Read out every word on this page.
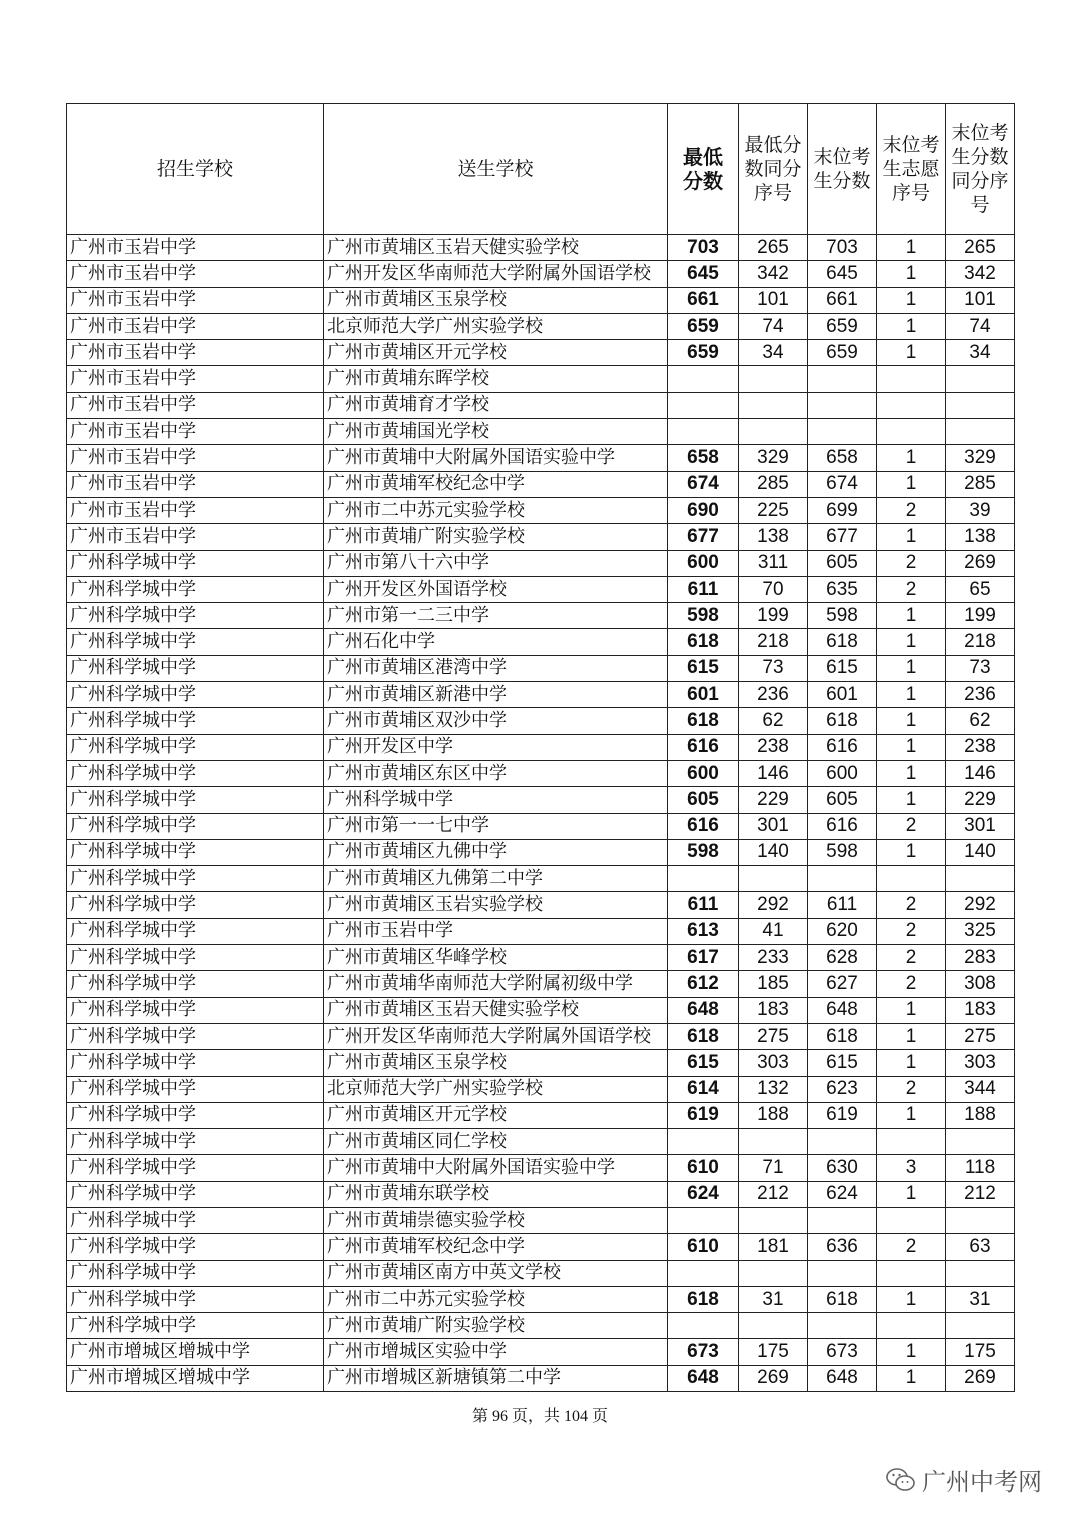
招生学校	送生学校	最低分数	最低分数同分序号	末位考生分数	末位考生志愿序号	末位考生分数同分序号

广州市玉岩中学	广州市黄埔区玉岩天健实验学校	703	265	703	1	265
广州市玉岩中学	广州开发区华南师范大学附属外国语学校	645	342	645	1	342
广州市玉岩中学	广州市黄埔区玉泉学校	661	101	661	1	101
广州市玉岩中学	北京师范大学广州实验学校	659	74	659	1	74
广州市玉岩中学	广州市黄埔区开元学校	659	34	659	1	34
广州市玉岩中学	广州市黄埔东晖学校					
广州市玉岩中学	广州市黄埔育才学校					
广州市玉岩中学	广州市黄埔国光学校					
广州市玉岩中学	广州市黄埔中大附属外国语实验中学	658	329	658	1	329
广州市玉岩中学	广州市黄埔军校纪念中学	674	285	674	1	285
广州市玉岩中学	广州市二中苏元实验学校	690	225	699	2	39
广州市玉岩中学	广州市黄埔广附实验学校	677	138	677	1	138
广州科学城中学	广州市第八十六中学	600	311	605	2	269
广州科学城中学	广州开发区外国语学校	611	70	635	2	65
广州科学城中学	广州市第一二三中学	598	199	598	1	199
广州科学城中学	广州石化中学	618	218	618	1	218
广州科学城中学	广州市黄埔区港湾中学	615	73	615	1	73
广州科学城中学	广州市黄埔区新港中学	601	236	601	1	236
广州科学城中学	广州市黄埔区双沙中学	618	62	618	1	62
广州科学城中学	广州开发区中学	616	238	616	1	238
广州科学城中学	广州市黄埔区东区中学	600	146	600	1	146
广州科学城中学	广州科学城中学	605	229	605	1	229
广州科学城中学	广州市第一一七中学	616	301	616	2	301
广州科学城中学	广州市黄埔区九佛中学	598	140	598	1	140
广州科学城中学	广州市黄埔区九佛第二中学					
广州科学城中学	广州市黄埔区玉岩实验学校	611	292	611	2	292
广州科学城中学	广州市玉岩中学	613	41	620	2	325
广州科学城中学	广州市黄埔区华峰学校	617	233	628	2	283
广州科学城中学	广州市黄埔华南师范大学附属初级中学	612	185	627	2	308
广州科学城中学	广州市黄埔区玉岩天健实验学校	648	183	648	1	183
广州科学城中学	广州开发区华南师范大学附属外国语学校	618	275	618	1	275
广州科学城中学	广州市黄埔区玉泉学校	615	303	615	1	303
广州科学城中学	北京师范大学广州实验学校	614	132	623	2	344
广州科学城中学	广州市黄埔区开元学校	619	188	619	1	188
广州科学城中学	广州市黄埔区同仁学校					
广州科学城中学	广州市黄埔中大附属外国语实验中学	610	71	630	3	118
广州科学城中学	广州市黄埔东联学校	624	212	624	1	212
广州科学城中学	广州市黄埔崇德实验学校					
广州科学城中学	广州市黄埔军校纪念中学	610	181	636	2	63
广州科学城中学	广州市黄埔区南方中英文学校					
广州科学城中学	广州市二中苏元实验学校	618	31	618	1	31
广州科学城中学	广州市黄埔广附实验学校					
广州市增城区增城中学	广州市增城区实验中学	673	175	673	1	175
广州市增城区增城中学	广州市增城区新塘镇第二中学	648	269	648	1	269
第 96 页，共 104 页
广州中考网
